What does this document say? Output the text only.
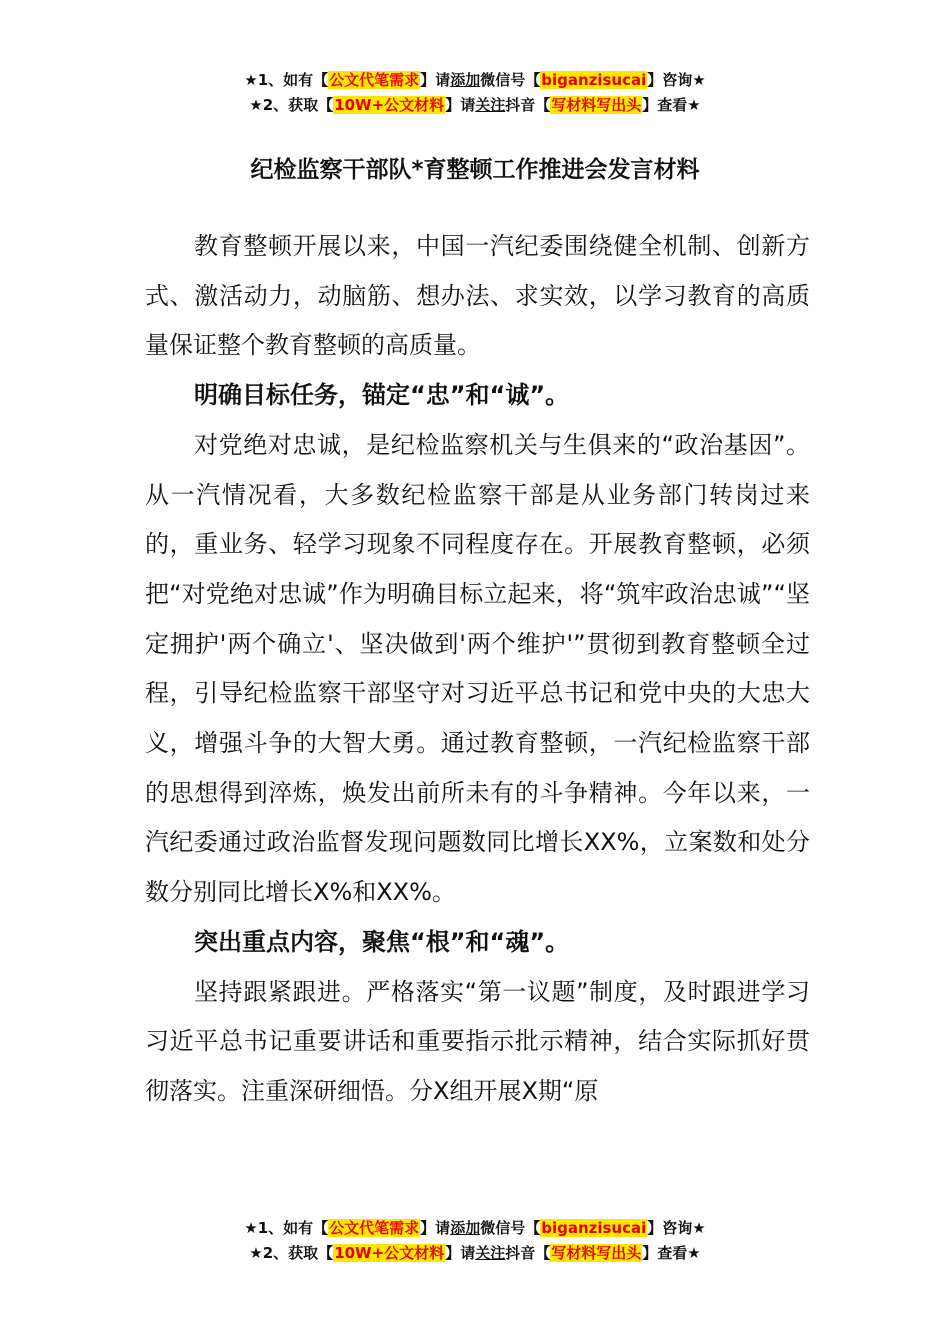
★1、如有【公文代笔需求】请添加微信号【biganzisucai】咨询★
★2、获取【10W+公文材料】请关注抖音【写材料写出头】查看★
纪检监察干部队*育整顿工作推进会发言材料

教育整顿开展以来，中国一汽纪委围绕健全机制、创新方式、激活动力，动脑筋、想办法、求实效，以学习教育的高质量保证整个教育整顿的高质量。

明确目标任务，锚定“忠”和“诚”。

对党绝对忠诚，是纪检监察机关与生俱来的“政治基因”。从一汽情况看，大多数纪检监察干部是从业务部门转岗过来的，重业务、轻学习现象不同程度存在。开展教育整顿，必须把“对党绝对忠诚”作为明确目标立起来，将“筑牢政治忠诚”“坚定拥护'两个确立'、坚决做到'两个维护'”贯彻到教育整顿全过程，引导纪检监察干部坚守对习近平总书记和党中央的大忠大义，增强斗争的大智大勇。通过教育整顿，一汽纪检监察干部的思想得到淬炼，焕发出前所未有的斗争精神。今年以来，一汽纪委通过政治监督发现问题数同比增长XX%，立案数和处分数分别同比增长X%和XX%。

突出重点内容，聚焦“根”和“魂”。

坚持跟紧跟进。严格落实“第一议题”制度，及时跟进学习习近平总书记重要讲话和重要指示批示精神，结合实际抓好贯彻落实。注重深研细悟。分X组开展X期“原

★1、如有【公文代笔需求】请添加微信号【biganzisucai】咨询★
★2、获取【10W+公文材料】请关注抖音【写材料写出头】查看★
